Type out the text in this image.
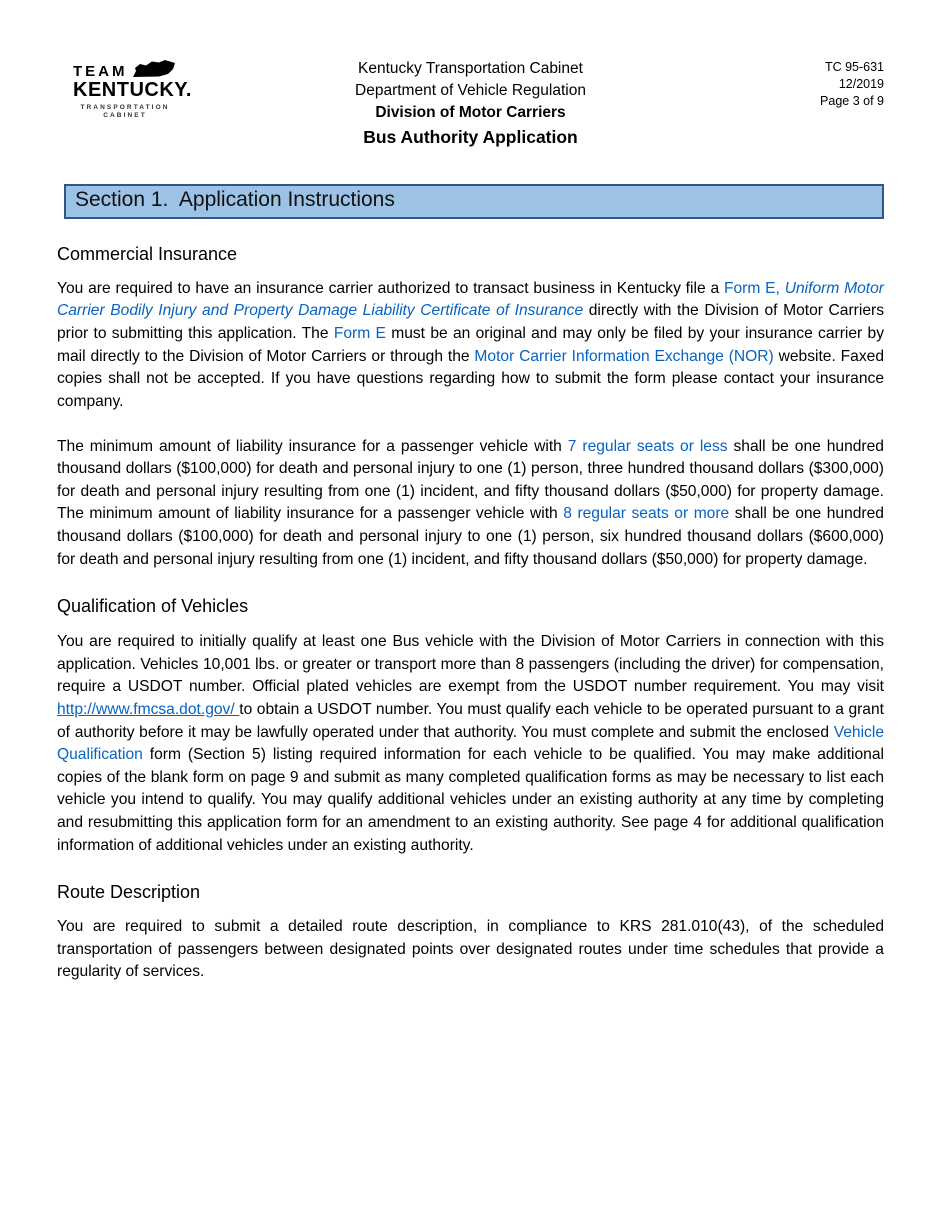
TEAM
KENTUCKY.
TRANSPORTATION CABINET
Kentucky Transportation Cabinet
Department of Vehicle Regulation
Division of Motor Carriers
Bus Authority Application
TC 95-631
12/2019
Page 3 of 9
Section 1.  Application Instructions
Commercial Insurance

You are required to have an insurance carrier authorized to transact business in Kentucky file a Form E, Uniform Motor Carrier Bodily Injury and Property Damage Liability Certificate of Insurance directly with the Division of Motor Carriers prior to submitting this application. The Form E must be an original and may only be filed by your insurance carrier by mail directly to the Division of Motor Carriers or through the Motor Carrier Information Exchange (NOR) website. Faxed copies shall not be accepted. If you have questions regarding how to submit the form please contact your insurance company.

The minimum amount of liability insurance for a passenger vehicle with 7 regular seats or less shall be one hundred thousand dollars ($100,000) for death and personal injury to one (1) person, three hundred thousand dollars ($300,000) for death and personal injury resulting from one (1) incident, and fifty thousand dollars ($50,000) for property damage. The minimum amount of liability insurance for a passenger vehicle with 8 regular seats or more shall be one hundred thousand dollars ($100,000) for death and personal injury to one (1) person, six hundred thousand dollars ($600,000) for death and personal injury resulting from one (1) incident, and fifty thousand dollars ($50,000) for property damage.

Qualification of Vehicles

You are required to initially qualify at least one Bus vehicle with the Division of Motor Carriers in connection with this application. Vehicles 10,001 lbs. or greater or transport more than 8 passengers (including the driver) for compensation, require a USDOT number. Official plated vehicles are exempt from the USDOT number requirement. You may visit http://www.fmcsa.dot.gov/ to obtain a USDOT number. You must qualify each vehicle to be operated pursuant to a grant of authority before it may be lawfully operated under that authority. You must complete and submit the enclosed Vehicle Qualification form (Section 5) listing required information for each vehicle to be qualified. You may make additional copies of the blank form on page 9 and submit as many completed qualification forms as may be necessary to list each vehicle you intend to qualify. You may qualify additional vehicles under an existing authority at any time by completing and resubmitting this application form for an amendment to an existing authority. See page 4 for additional qualification information of additional vehicles under an existing authority.

Route Description

You are required to submit a detailed route description, in compliance to KRS 281.010(43), of the scheduled transportation of passengers between designated points over designated routes under time schedules that provide a regularity of services.
